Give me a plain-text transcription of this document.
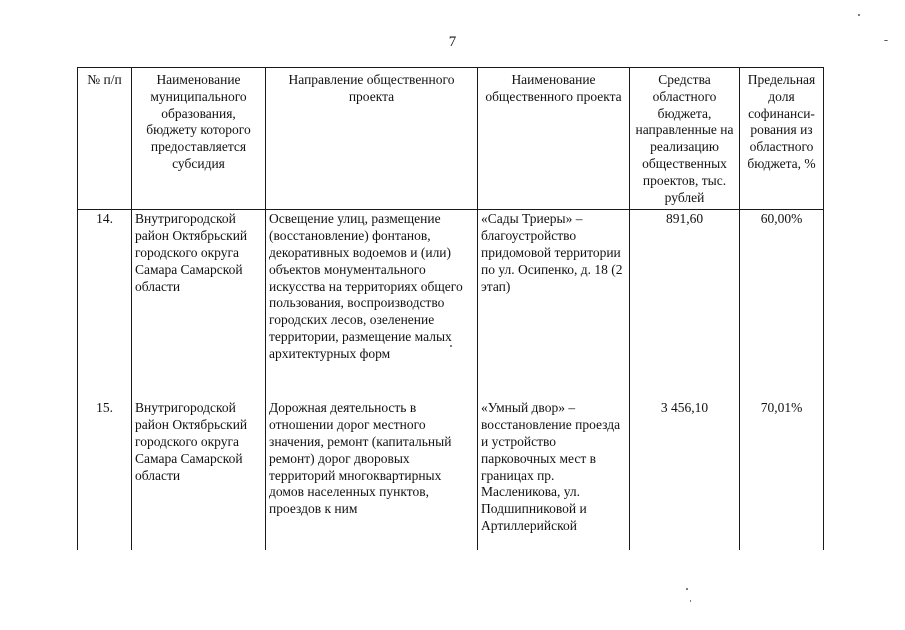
7
№ п/п	Наименование муниципального образования, бюджету которого предоставляется субсидия	Направление общественного проекта	Наименование общественного проекта	Средства областного бюджета, направленные на реализацию общественных проектов, тыс. рублей	Предельная доля софинанси-рования из областного бюджета, %
14.	Внутригородской район Октябрьский городского округа Самара Самарской области	Освещение улиц, размещение (восстановление) фонтанов, декоративных водоемов и (или) объектов монументального искусства на территориях общего пользования, воспроизводство городских лесов, озеленение территории, размещение малых архитектурных форм	«Сады Триеры» – благоустройство придомовой территории по ул. Осипенко, д. 18 (2 этап)	891,60	60,00%
15.	Внутригородской район Октябрьский городского округа Самара Самарской области	Дорожная деятельность в отношении дорог местного значения, ремонт (капитальный ремонт) дорог дворовых территорий многоквартирных домов населенных пунктов, проездов к ним	«Умный двор» – восстановление проезда и устройство парковочных мест в границах пр. Масленикова, ул. Подшипниковой и Артиллерийской	3 456,10	70,01%
